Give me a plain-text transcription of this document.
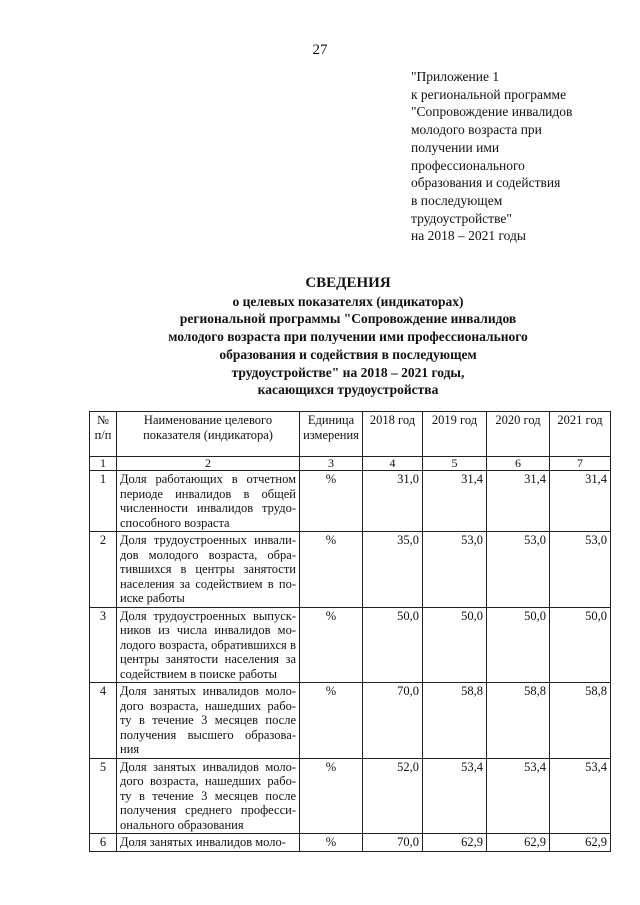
27
"Приложение 1
к региональной программе
"Сопровождение инвалидов
молодого возраста при
получении ими
профессионального
образования и содействия
в последующем
трудоустройстве"
на 2018 – 2021 годы
СВЕДЕНИЯ
о целевых показателях (индикаторах)
региональной программы "Сопровождение инвалидов
молодого возраста при получении ими профессионального
образования и содействия в последующем
трудоустройстве" на 2018 – 2021 годы,
касающихся трудоустройства
№ п/п	Наименование целевого показателя (индикатора)	Единица измерения	2018 год	2019 год	2020 год	2021 год
1	2	3	4	5	6	7
1	Доля работающих в отчетном периоде инвалидов в общей численности инвалидов трудо-способного возраста	%	31,0	31,4	31,4	31,4
2	Доля трудоустроенных инвали-дов молодого возраста, обра-тившихся в центры занятости населения за содействием в по-иске работы	%	35,0	53,0	53,0	53,0
3	Доля трудоустроенных выпуск-ников из числа инвалидов мо-лодого возраста, обратившихся в центры занятости населения за содействием в поиске работы	%	50,0	50,0	50,0	50,0
4	Доля занятых инвалидов моло-дого возраста, нашедших рабо-ту в течение 3 месяцев после получения высшего образова-ния	%	70,0	58,8	58,8	58,8
5	Доля занятых инвалидов моло-дого возраста, нашедших рабо-ту в течение 3 месяцев после получения среднего професси-онального образования	%	52,0	53,4	53,4	53,4
6	Доля занятых инвалидов моло-	%	70,0	62,9	62,9	62,9
